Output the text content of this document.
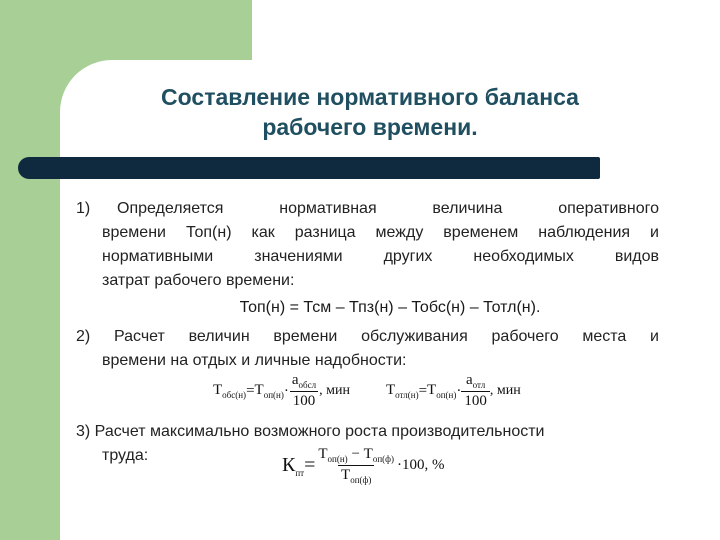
Составление нормативного баланса
рабочего времени.
1) Определяется нормативная величина оперативного
времени Топ(н) как разница между временем наблюдения и
нормативными значениями других необходимых видов
затрат рабочего времени:
Топ(н) = Тсм – Тпз(н) – Тобс(н) – Тотл(н).
2) Расчет величин времени обслуживания рабочего места и
времени на отдых и личные надобности:
$Т_{обс(н)} = Т_{оп(н)} \cdot \frac{а_{обсл}}{100}$ , мин $Т_{отл(н)} = Т_{оп(н)} \cdot \frac{а_{отл}}{100}$ , мин
3) Расчет максимально возможного роста производительности
труда:	$К_{пт} = \frac{Т_{оп(н)} - Т_{оп(ф)}}{Т_{оп(ф)}} \cdot 100$, %
